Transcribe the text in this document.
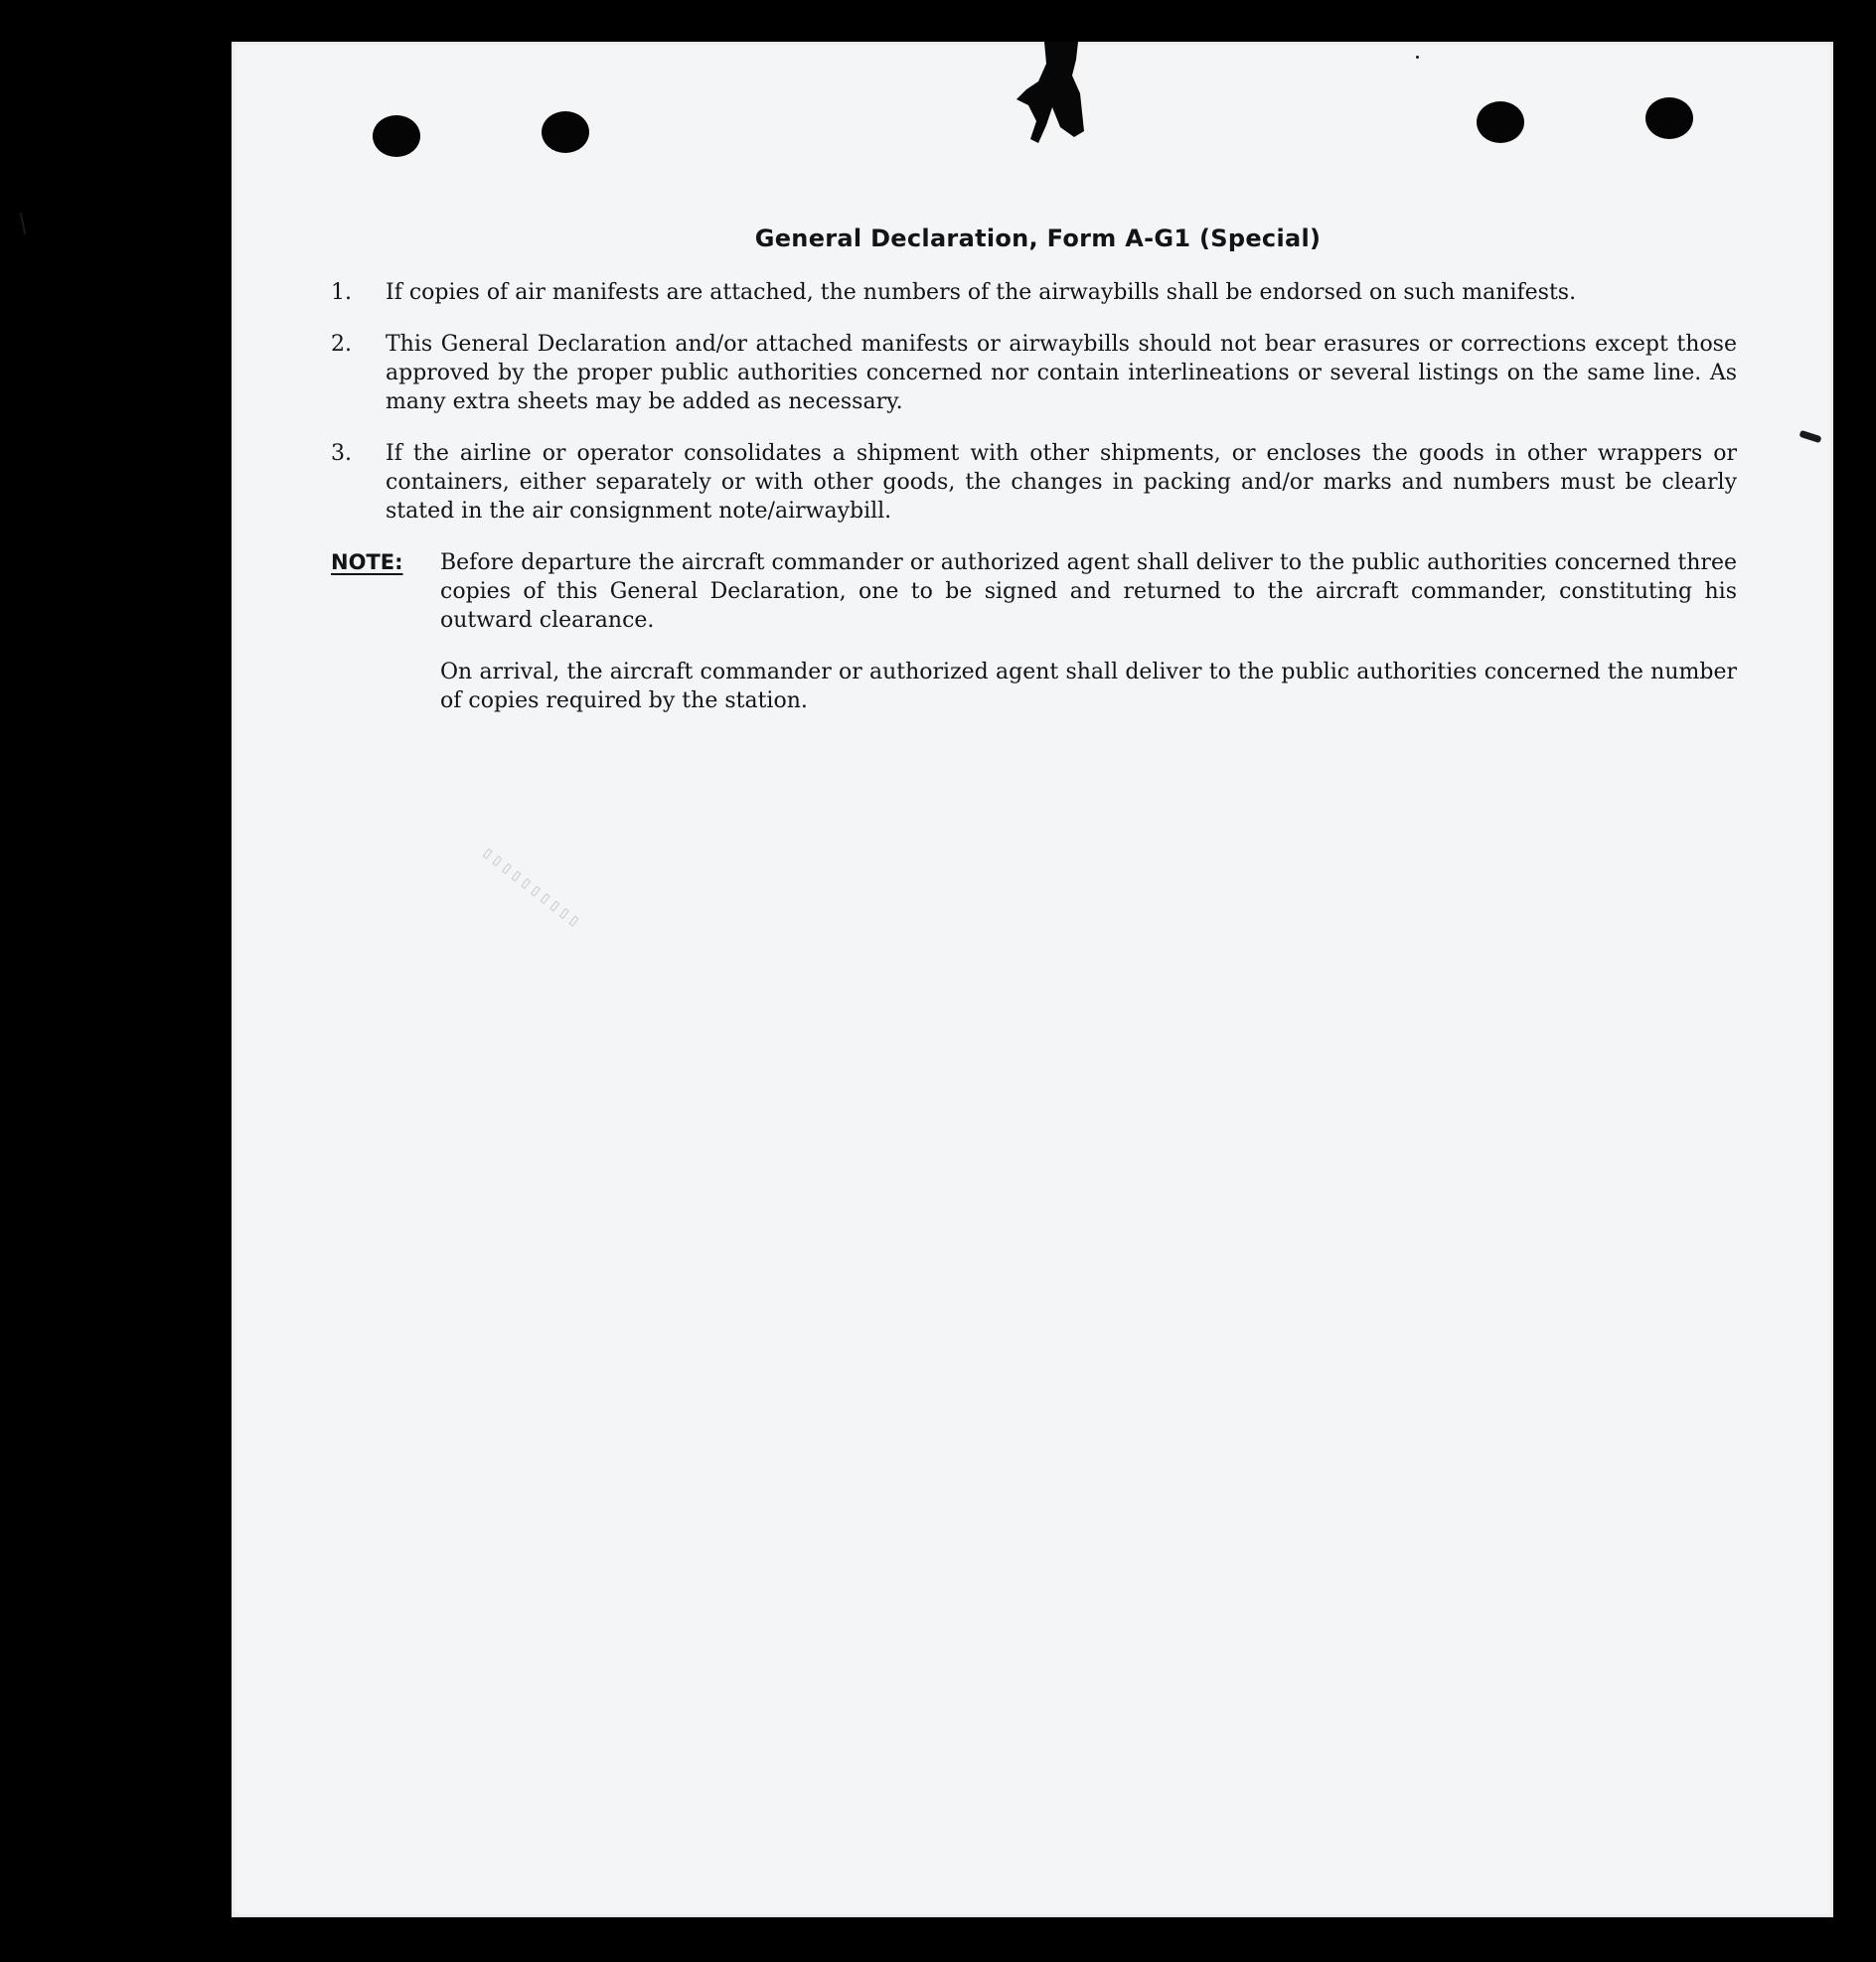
▯▯▯▯▯▯▯▯▯▯
General Declaration, Form A-G1 (Special)
1.	If copies of air manifests are attached, the numbers of the airwaybills shall be endorsed on such manifests.
2.	This General Declaration and/or attached manifests or airwaybills should not bear erasures or corrections except those approved by the proper public authorities concerned nor contain interlineations or several listings on the same line. As many extra sheets may be added as necessary.
3.	If the airline or operator consolidates a shipment with other shipments, or encloses the goods in other wrappers or containers, either separately or with other goods, the changes in packing and/or marks and numbers must be clearly stated in the air consignment note/airwaybill.
NOTE:	Before departure the aircraft commander or authorized agent shall deliver to the public authorities concerned three copies of this General Declaration, one to be signed and returned to the aircraft commander, constituting his outward clearance.

On arrival, the aircraft commander or authorized agent shall deliver to the public authorities concerned the number of copies required by the station.
